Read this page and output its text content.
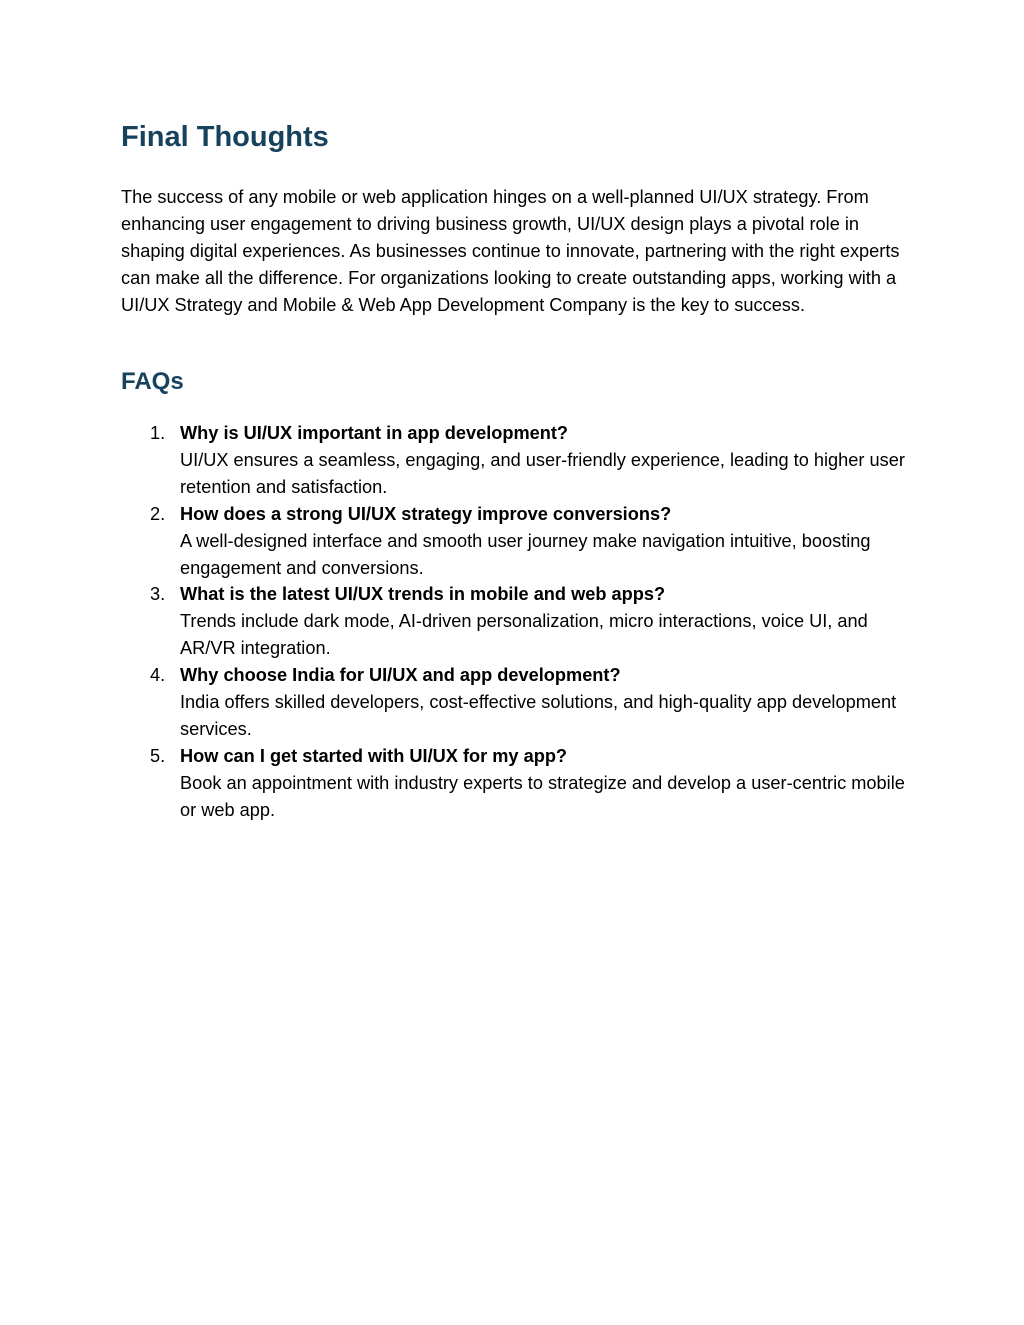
Final Thoughts

The success of any mobile or web application hinges on a well-planned UI/UX strategy. From enhancing user engagement to driving business growth, UI/UX design plays a pivotal role in shaping digital experiences. As businesses continue to innovate, partnering with the right experts can make all the difference. For organizations looking to create outstanding apps, working with a UI/UX Strategy and Mobile & Web App Development Company is the key to success.

FAQs
1. Why is UI/UX important in app development?
UI/UX ensures a seamless, engaging, and user-friendly experience, leading to higher user retention and satisfaction.
2. How does a strong UI/UX strategy improve conversions?
A well-designed interface and smooth user journey make navigation intuitive, boosting engagement and conversions.
3. What is the latest UI/UX trends in mobile and web apps?
Trends include dark mode, AI-driven personalization, micro interactions, voice UI, and AR/VR integration.
4. Why choose India for UI/UX and app development?
India offers skilled developers, cost-effective solutions, and high-quality app development services.
5. How can I get started with UI/UX for my app?
Book an appointment with industry experts to strategize and develop a user-centric mobile or web app.
